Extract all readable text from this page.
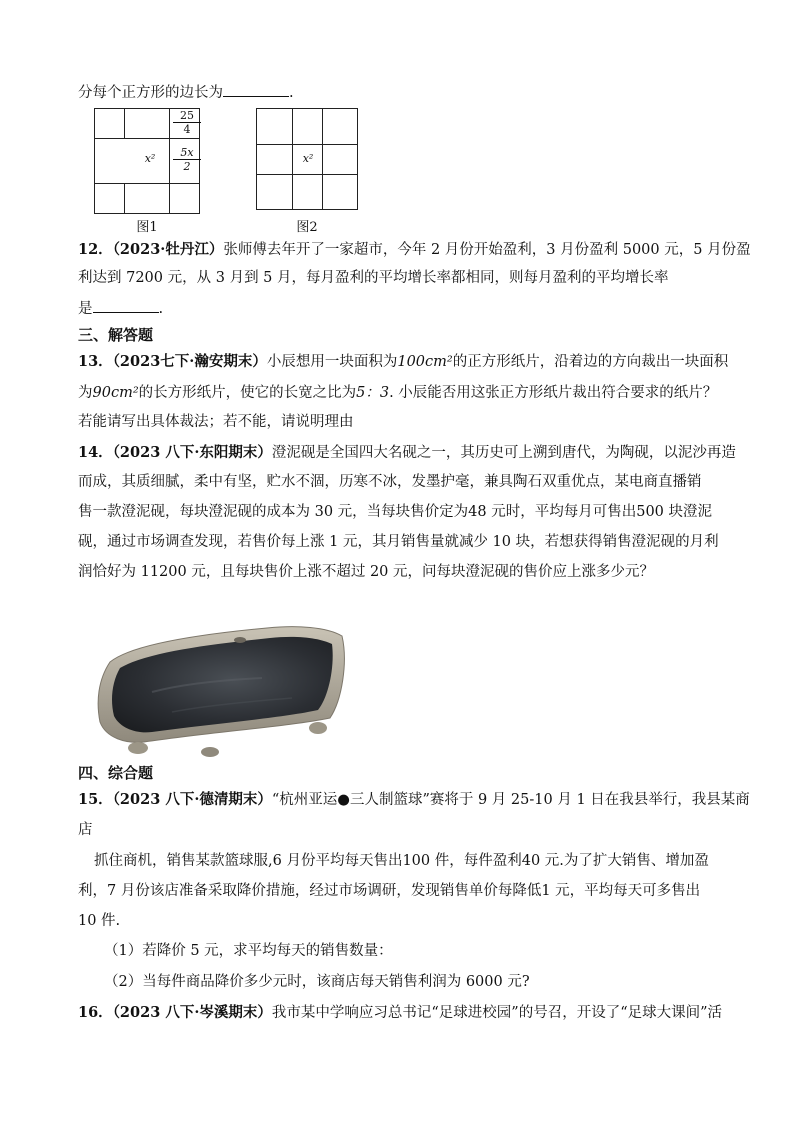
分每个正方形的边长为	.
x²
$\frac{25}{4}$
$\frac{5x}{2}$
图1
x²
图2
12．（2023·牡丹江）张师傅去年开了一家超市，今年 2 月份开始盈利，3 月份盈利 5000 元，5 月份盈
利达到 7200 元，从 3 月到 5 月，每月盈利的平均增长率都相同，则每月盈利的平均增长率
是	.
三、解答题
13．（2023七下·瀚安期末）小辰想用一块面积为100cm²的正方形纸片，沿着边的方向裁出一块面积
为90cm²的长方形纸片，使它的长宽之比为5：3. 小辰能否用这张正方形纸片裁出符合要求的纸片？
若能请写出具体裁法；若不能，请说明理由
14．（2023 八下·东阳期末）澄泥砚是全国四大名砚之一，其历史可上溯到唐代，为陶砚，以泥沙再造
而成，其质细腻，柔中有坚，贮水不涸，历寒不冰，发墨护毫，兼具陶石双重优点，某电商直播销
售一款澄泥砚，每块澄泥砚的成本为 30 元，当每块售价定为48 元时，平均每月可售出500 块澄泥
砚，通过市场调查发现，若售价每上涨 1 元，其月销售量就减少 10 块，若想获得销售澄泥砚的月利
润恰好为 11200 元，且每块售价上涨不超过 20 元，问每块澄泥砚的售价应上涨多少元？
四、综合题
15．（2023 八下·德清期末）“杭州亚运●三人制篮球”赛将于 9 月 25-10 月 1 日在我县举行，我县某商
店
抓住商机，销售某款篮球服,6 月份平均每天售出100 件，每件盈利40 元.为了扩大销售、增加盈
利，7 月份该店准备采取降价措施，经过市场调研，发现销售单价每降低1 元，平均每天可多售出
10 件.
（1）若降价 5 元，求平均每天的销售数量：
（2）当每件商品降价多少元时，该商店每天销售利润为 6000 元?
16．（2023 八下·岑溪期末）我市某中学响应习总书记“足球进校园”的号召，开设了“足球大课间”活
